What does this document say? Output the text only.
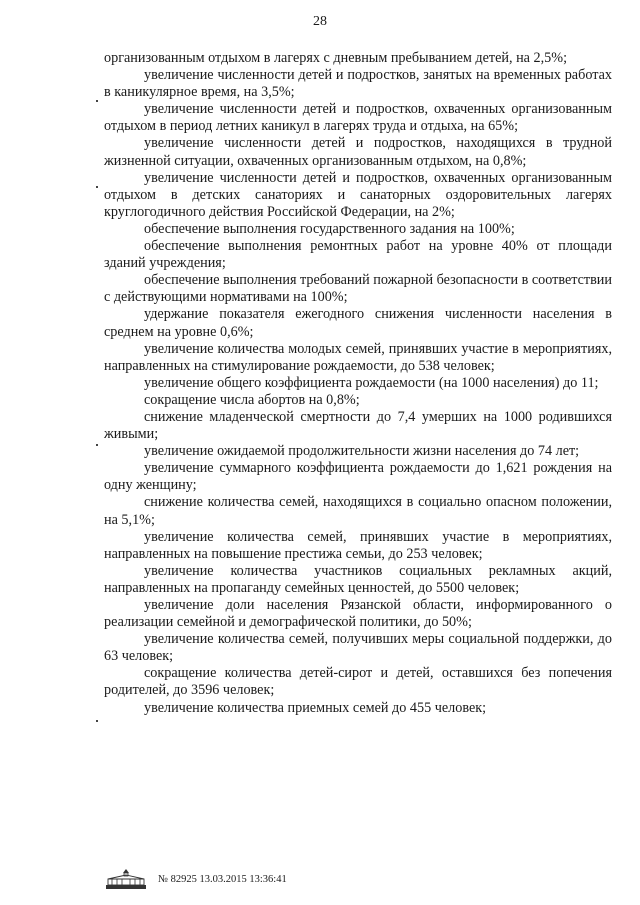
28

организованным отдыхом в лагерях с дневным пребыванием детей, на 2,5%;

увеличение численности детей и подростков, занятых на временных работах в каникулярное время, на 3,5%;

увеличение численности детей и подростков, охваченных организованным отдыхом в период летних каникул в лагерях труда и отдыха, на 65%;

увеличение численности детей и подростков, находящихся в трудной жизненной ситуации, охваченных организованным отдыхом, на 0,8%;

увеличение численности детей и подростков, охваченных организованным отдыхом в детских санаториях и санаторных оздоровительных лагерях круглогодичного действия Российской Федерации, на 2%;

обеспечение выполнения государственного задания на 100%;

обеспечение выполнения ремонтных работ на уровне 40% от площади зданий учреждения;

обеспечение выполнения требований пожарной безопасности в соответствии с действующими нормативами на 100%;

удержание показателя ежегодного снижения численности населения в среднем на уровне 0,6%;

увеличение количества молодых семей, принявших участие в мероприятиях, направленных на стимулирование рождаемости, до 538 человек;

увеличение общего коэффициента рождаемости (на 1000 населения) до 11;

сокращение числа абортов на 0,8%;

снижение младенческой смертности до 7,4 умерших на 1000 родившихся живыми;

увеличение ожидаемой продолжительности жизни населения до 74 лет;

увеличение суммарного коэффициента рождаемости до 1,621 рождения на одну женщину;

снижение количества семей, находящихся в социально опасном положении, на 5,1%;

увеличение количества семей, принявших участие в мероприятиях, направленных на повышение престижа семьи, до 253 человек;

увеличение количества участников социальных рекламных акций, направленных на пропаганду семейных ценностей, до 5500 человек;

увеличение доли населения Рязанской области, информированного о реализации семейной и демографической политики, до 50%;

увеличение количества семей, получивших меры социальной поддержки, до 63 человек;

сокращение количества детей-сирот и детей, оставшихся без попечения родителей, до 3596 человек;

увеличение количества приемных семей до 455 человек;

№ 82925 13.03.2015 13:36:41
